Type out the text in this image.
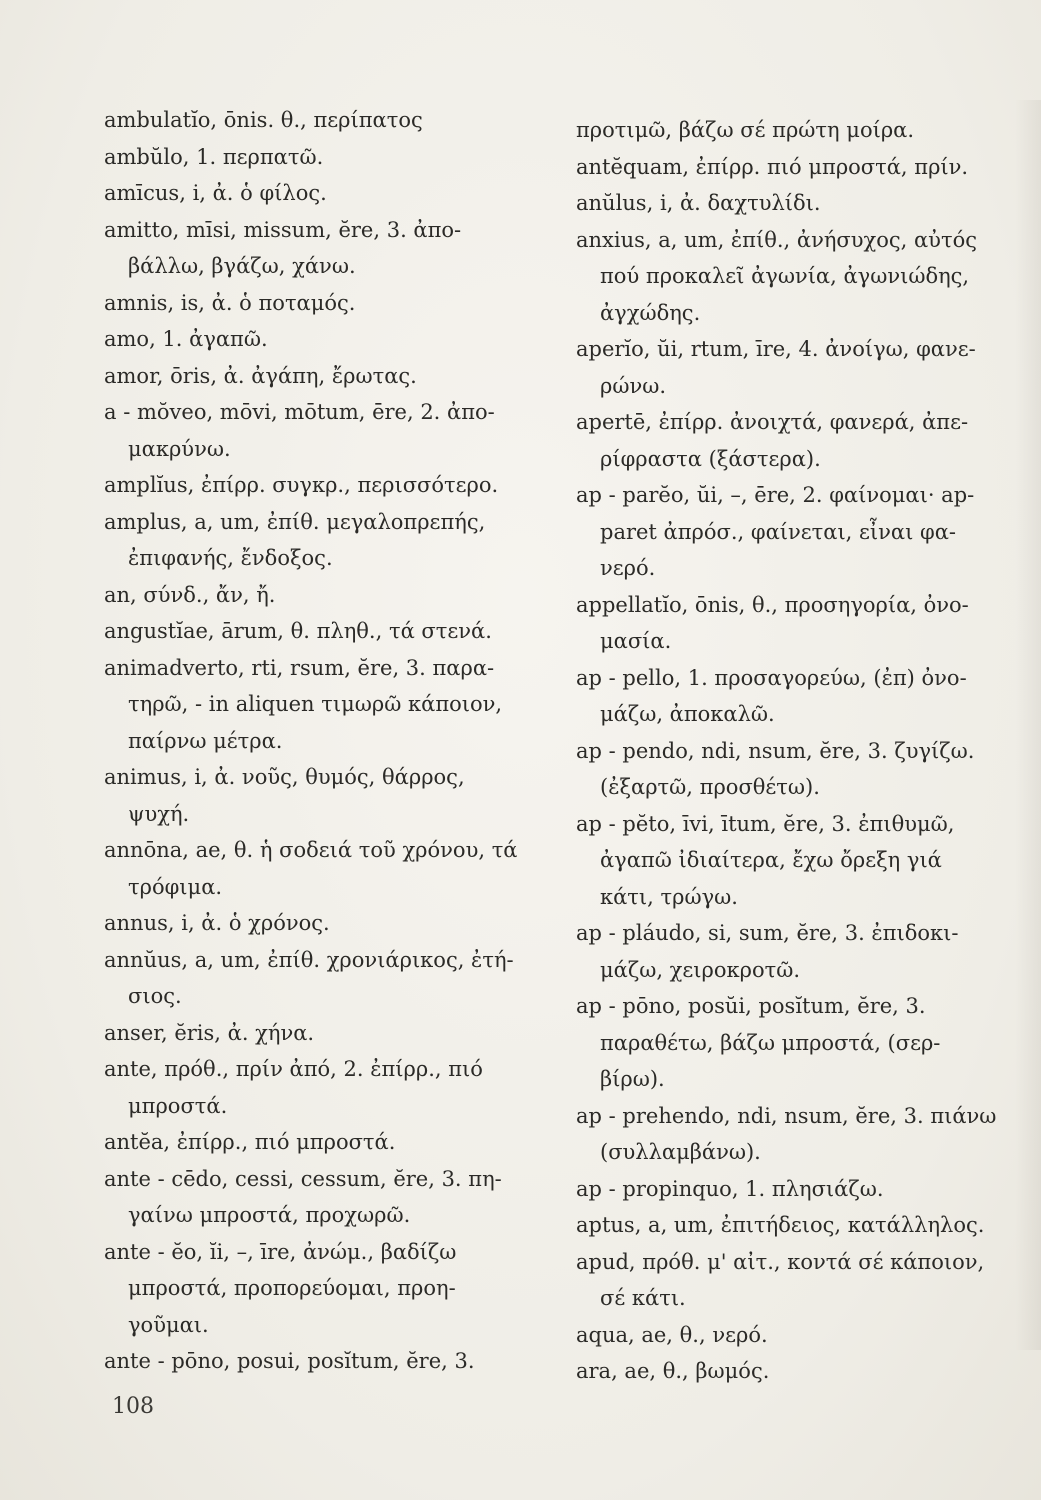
ambulatĭo, ōnis. θ., περίπατος
ambŭlo, 1. περπατῶ.
amīcus, i, ἀ. ὁ φίλος.
amitto, mīsi, missum, ĕre, 3. ἀπο-
βάλλω, βγάζω, χάνω.
amnis, is, ἀ. ὁ ποταμός.
amo, 1. ἀγαπῶ.
amor, ōris, ἀ. ἀγάπη, ἔρωτας.
a - mŏveo, mōvi, mōtum, ēre, 2. ἀπο-
μακρύνω.
amplĭus, ἐπίρρ. συγκρ., περισσότερο.
amplus, a, um, ἐπίθ. μεγαλοπρεπής,
ἐπιφανής, ἔνδοξος.
an, σύνδ., ἄν, ἤ.
angustĭae, ārum, θ. πληθ., τά στενά.
animadverto, rti, rsum, ĕre, 3. παρα-
τηρῶ, - in aliquen τιμωρῶ κάποιον,
παίρνω μέτρα.
animus, i, ἀ. νοῦς, θυμός, θάρρος,
ψυχή.
annōna, ae, θ. ἡ σοδειά τοῦ χρόνου, τά
τρόφιμα.
annus, i, ἀ. ὁ χρόνος.
annŭus, a, um, ἐπίθ. χρονιάρικος, ἐτή-
σιος.
anser, ĕris, ἀ. χήνα.
ante, πρόθ., πρίν ἀπό, 2. ἐπίρρ., πιό
μπροστά.
antĕa, ἐπίρρ., πιό μπροστά.
ante - cēdo, cessi, cessum, ĕre, 3. πη-
γαίνω μπροστά, προχωρῶ.
ante - ĕo, ĭi, –, īre, ἀνώμ., βαδίζω
μπροστά, προπορεύομαι, προη-
γοῦμαι.
ante - pōno, posui, posĭtum, ĕre, 3.
προτιμῶ, βάζω σέ πρώτη μοίρα.
antĕquam, ἐπίρρ. πιό μπροστά, πρίν.
anŭlus, i, ἀ. δαχτυλίδι.
anxius, a, um, ἐπίθ., ἀνήσυχος, αὐτός
πού προκαλεῖ ἀγωνία, ἀγωνιώδης,
ἀγχώδης.
aperĭo, ŭi, rtum, īre, 4. ἀνοίγω, φανε-
ρώνω.
apertē, ἐπίρρ. ἀνοιχτά, φανερά, ἀπε-
ρίφραστα (ξάστερα).
ap - parĕo, ŭi, –, ēre, 2. φαίνομαι· ap-
paret ἀπρόσ., φαίνεται, εἶναι φα-
νερό.
appellatĭo, ōnis, θ., προσηγορία, ὀνο-
μασία.
ap - pello, 1. προσαγορεύω, (ἐπ) ὀνο-
μάζω, ἀποκαλῶ.
ap - pendo, ndi, nsum, ĕre, 3. ζυγίζω.
(ἐξαρτῶ, προσθέτω).
ap - pĕto, īvi, ītum, ĕre, 3. ἐπιθυμῶ,
ἀγαπῶ ἰδιαίτερα, ἔχω ὄρεξη γιά
κάτι, τρώγω.
ap - pláudo, si, sum, ĕre, 3. ἐπιδοκι-
μάζω, χειροκροτῶ.
ap - pōno, posŭi, posĭtum, ĕre, 3.
παραθέτω, βάζω μπροστά, (σερ-
βίρω).
ap - prehendo, ndi, nsum, ĕre, 3. πιάνω
(συλλαμβάνω).
ap - propinquo, 1. πλησιάζω.
aptus, a, um, ἐπιτήδειος, κατάλληλος.
apud, πρόθ. μ' αἰτ., κοντά σέ κάποιον,
σέ κάτι.
aqua, ae, θ., νερό.
ara, ae, θ., βωμός.
108
